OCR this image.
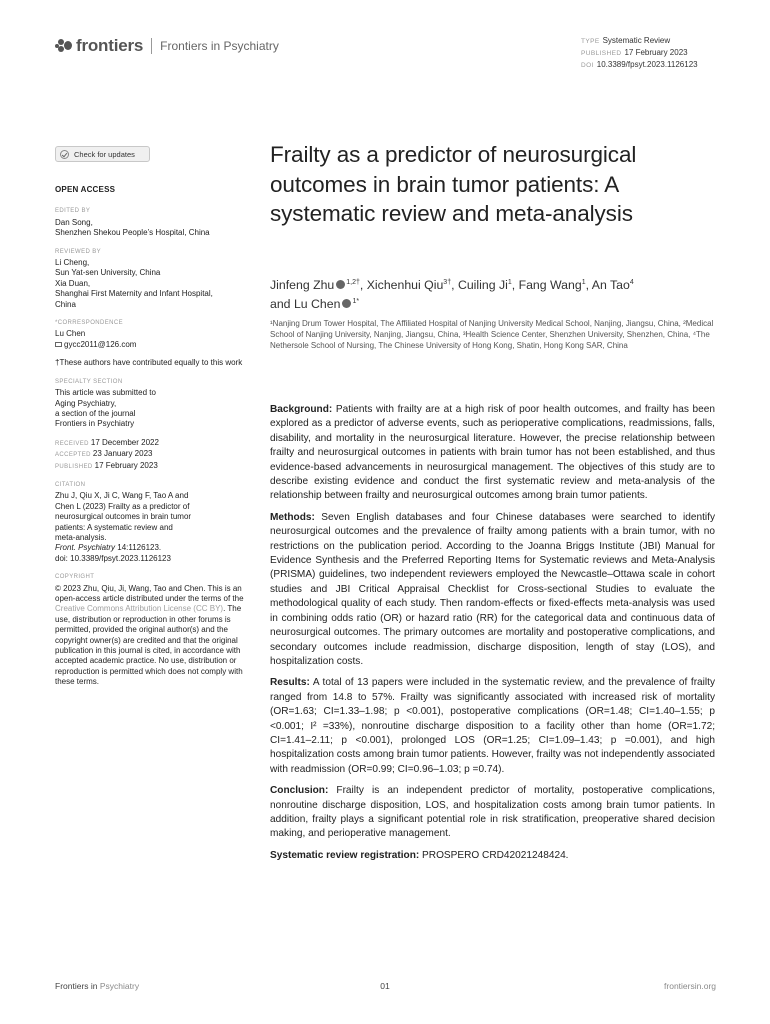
frontiers Frontiers in Psychiatry	TYPE Systematic Review
PUBLISHED 17 February 2023
DOI 10.3389/fpsyt.2023.1126123
Check for updates
OPEN ACCESS
EDITED BY
Dan Song,
Shenzhen Shekou People’s Hospital, China
REVIEWED BY
Li Cheng,
Sun Yat-sen University, China
Xia Duan,
Shanghai First Maternity and Infant Hospital,
China
*CORRESPONDENCE
Lu Chen
gycc2011@126.com
†These authors have contributed equally to this work
SPECIALTY SECTION
This article was submitted to
Aging Psychiatry,
a section of the journal
Frontiers in Psychiatry
RECEIVED 17 December 2022
ACCEPTED 23 January 2023
PUBLISHED 17 February 2023
CITATION
Zhu J, Qiu X, Ji C, Wang F, Tao A and
Chen L (2023) Frailty as a predictor of
neurosurgical outcomes in brain tumor
patients: A systematic review and
meta-analysis.
Front. Psychiatry 14:1126123.
doi: 10.3389/fpsyt.2023.1126123
COPYRIGHT
© 2023 Zhu, Qiu, Ji, Wang, Tao and Chen. This is an open-access article distributed under the terms of the Creative Commons Attribution License (CC BY). The use, distribution or reproduction in other forums is permitted, provided the original author(s) and the copyright owner(s) are credited and that the original publication in this journal is cited, in accordance with accepted academic practice. No use, distribution or reproduction is permitted which does not comply with these terms.
Frailty as a predictor of neurosurgical outcomes in brain tumor patients: A systematic review and meta-analysis
Jinfeng Zhu $^{1,2\dagger}$, Xichenhui Qiu$^{3\dagger}$, Cuiling Ji$^1$, Fang Wang$^1$, An Tao$^4$
and Lu Chen $^{1*}$
¹Nanjing Drum Tower Hospital, The Affiliated Hospital of Nanjing University Medical School, Nanjing, Jiangsu, China, ²Medical School of Nanjing University, Nanjing, Jiangsu, China, ³Health Science Center, Shenzhen University, Shenzhen, China, ⁴The Nethersole School of Nursing, The Chinese University of Hong Kong, Shatin, Hong Kong SAR, China

Background: Patients with frailty are at a high risk of poor health outcomes, and frailty has been explored as a predictor of adverse events, such as perioperative complications, readmissions, falls, disability, and mortality in the neurosurgical literature. However, the precise relationship between frailty and neurosurgical outcomes in patients with brain tumor has not been established, and thus evidence-based advancements in neurosurgical management. The objectives of this study are to describe existing evidence and conduct the first systematic review and meta-analysis of the relationship between frailty and neurosurgical outcomes among brain tumor patients.

Methods: Seven English databases and four Chinese databases were searched to identify neurosurgical outcomes and the prevalence of frailty among patients with a brain tumor, with no restrictions on the publication period. According to the Joanna Briggs Institute (JBI) Manual for Evidence Synthesis and the Preferred Reporting Items for Systematic reviews and Meta-Analysis (PRISMA) guidelines, two independent reviewers employed the Newcastle–Ottawa scale in cohort studies and JBI Critical Appraisal Checklist for Cross-sectional Studies to evaluate the methodological quality of each study. Then random-effects or fixed-effects meta-analysis was used in combining odds ratio (OR) or hazard ratio (RR) for the categorical data and continuous data of neurosurgical outcomes. The primary outcomes are mortality and postoperative complications, and secondary outcomes include readmission, discharge disposition, length of stay (LOS), and hospitalization costs.

Results: A total of 13 papers were included in the systematic review, and the prevalence of frailty ranged from 14.8 to 57%. Frailty was significantly associated with increased risk of mortality (OR=1.63; CI=1.33–1.98; p <0.001), postoperative complications (OR=1.48; CI=1.40–1.55; p <0.001; I² =33%), nonroutine discharge disposition to a facility other than home (OR=1.72; CI=1.41–2.11; p <0.001), prolonged LOS (OR=1.25; CI=1.09–1.43; p =0.001), and high hospitalization costs among brain tumor patients. However, frailty was not independently associated with readmission (OR=0.99; CI=0.96–1.03; p =0.74).

Conclusion: Frailty is an independent predictor of mortality, postoperative complications, nonroutine discharge disposition, LOS, and hospitalization costs among brain tumor patients. In addition, frailty plays a significant potential role in risk stratification, preoperative shared decision making, and perioperative management.

Systematic review registration: PROSPERO CRD42021248424.

Frontiers in Psychiatry	01	frontiersin.org
